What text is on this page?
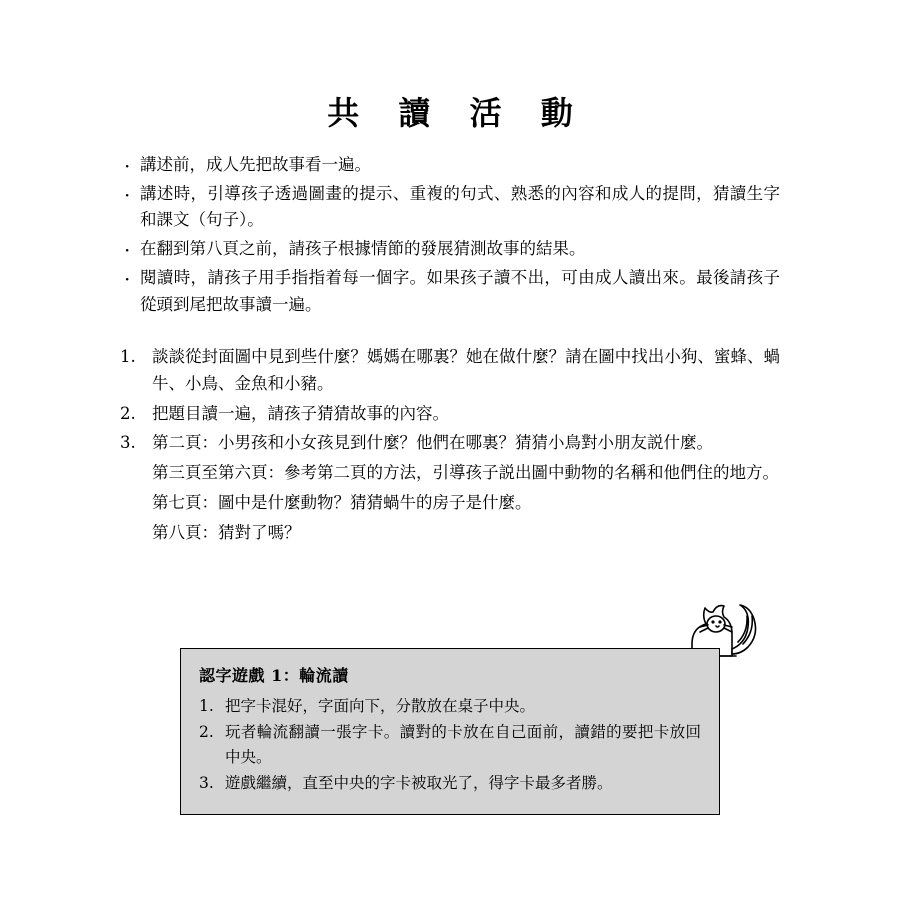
共 讀 活 動
· 講述前，成人先把故事看一遍。
· 講述時，引導孩子透過圖畫的提示、重複的句式、熟悉的內容和成人的提問，猜讀生字和課文（句子）。
· 在翻到第八頁之前，請孩子根據情節的發展猜測故事的結果。
· 閱讀時，請孩子用手指指着每一個字。如果孩子讀不出，可由成人讀出來。最後請孩子從頭到尾把故事讀一遍。
1. 談談從封面圖中見到些什麼？媽媽在哪裏？她在做什麼？請在圖中找出小狗、蜜蜂、蝸牛、小鳥、金魚和小豬。
2. 把題目讀一遍，請孩子猜猜故事的內容。
3. 第二頁：小男孩和小女孩見到什麼？他們在哪裏？猜猜小鳥對小朋友説什麼。

第三頁至第六頁：參考第二頁的方法，引導孩子説出圖中動物的名稱和他們住的地方。

第七頁：圖中是什麼動物？猜猜蝸牛的房子是什麼。

第八頁：猜對了嗎？

認字遊戲 1：輪流讀

1. 把字卡混好，字面向下，分散放在桌子中央。
2. 玩者輪流翻讀一張字卡。讀對的卡放在自己面前，讀錯的要把卡放回中央。
3. 遊戲繼續，直至中央的字卡被取光了，得字卡最多者勝。
